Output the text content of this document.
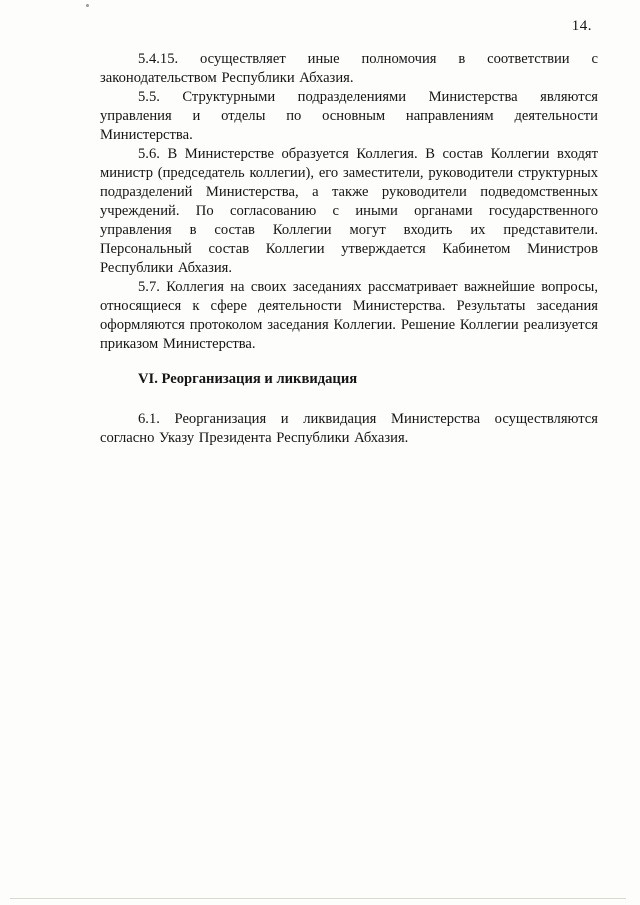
14.

5.4.15. осуществляет иные полномочия в соответствии с законодательством Республики Абхазия.

5.5. Структурными подразделениями Министерства являются управления и отделы по основным направлениям деятельности Министерства.

5.6. В Министерстве образуется Коллегия. В состав Коллегии входят министр (председатель коллегии), его заместители, руководители структурных подразделений Министерства, а также руководители подведомственных учреждений. По согласованию с иными органами государственного управления в состав Коллегии могут входить их представители. Персональный состав Коллегии утверждается Кабинетом Министров Республики Абхазия.

5.7. Коллегия на своих заседаниях рассматривает важнейшие вопросы, относящиеся к сфере деятельности Министерства. Результаты заседания оформляются протоколом заседания Коллегии. Решение Коллегии реализуется приказом Министерства.

VI. Реорганизация и ликвидация

6.1. Реорганизация и ликвидация Министерства осуществляются согласно Указу Президента Республики Абхазия.
